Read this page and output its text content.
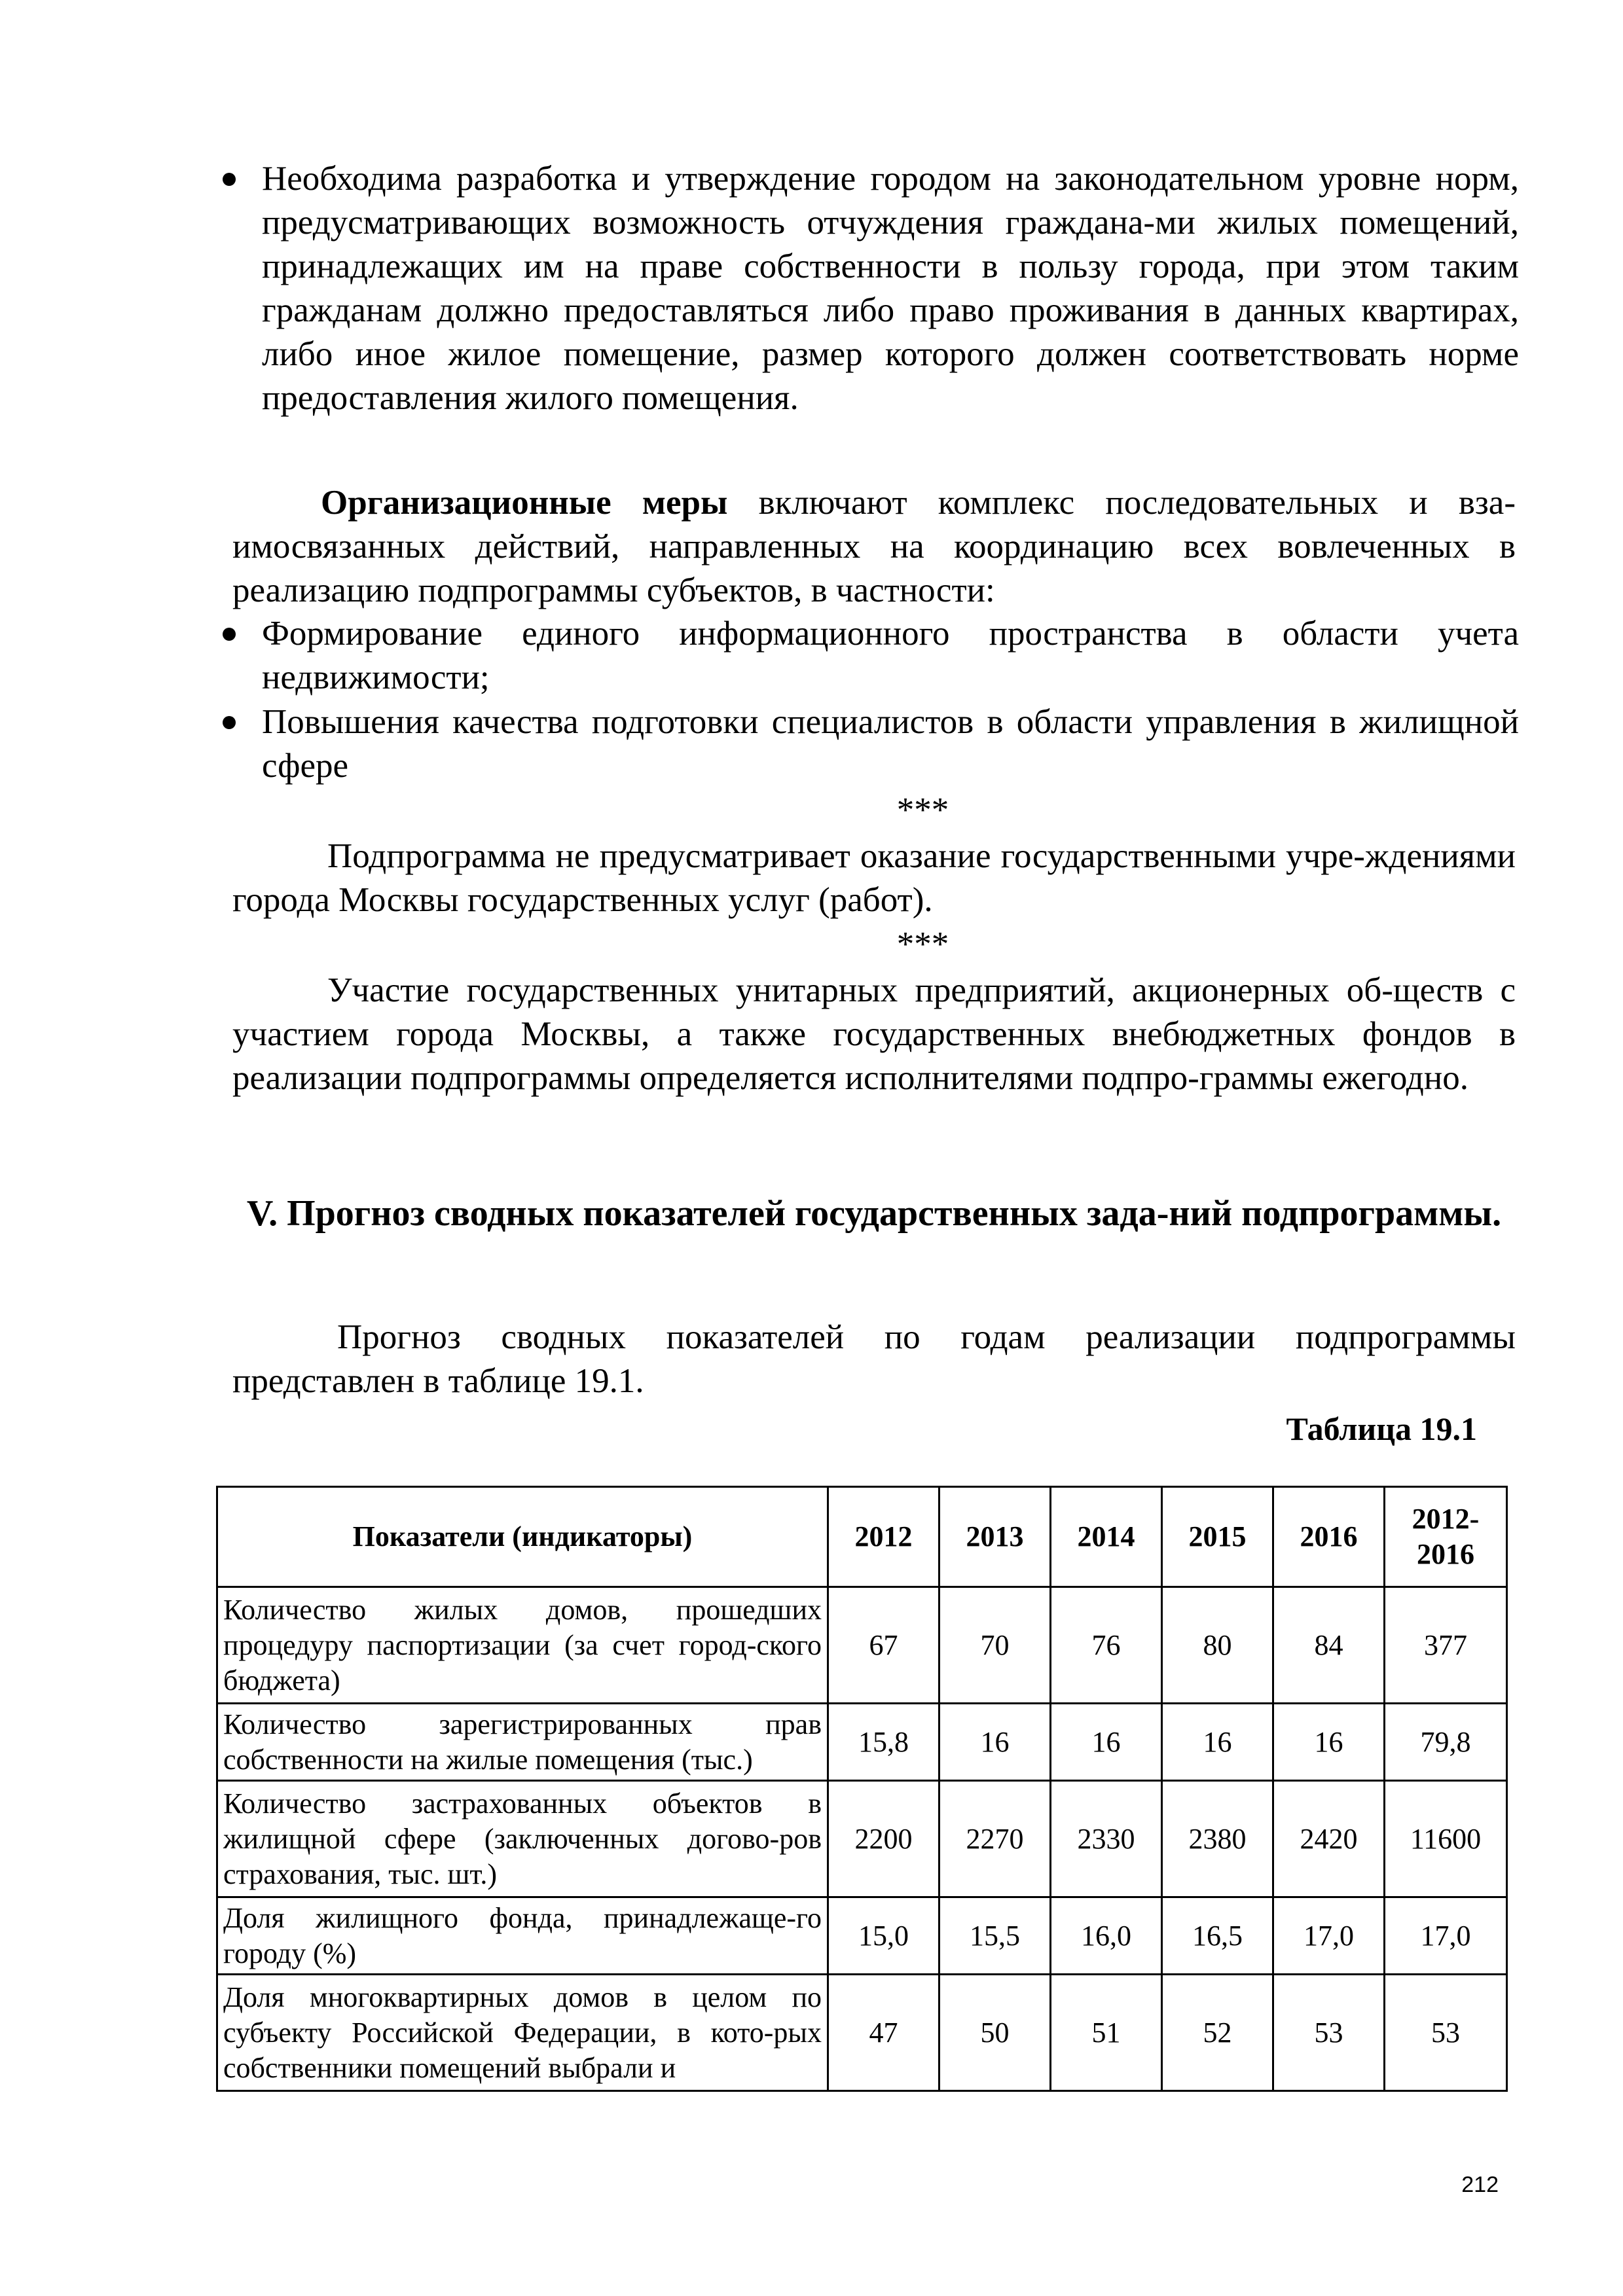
Необходима разработка и утверждение городом на законодательном уровне норм, предусматривающих возможность отчуждения граждана-ми жилых помещений, принадлежащих им на праве собственности в пользу города, при этом таким гражданам должно предоставляться либо право проживания в данных квартирах, либо иное жилое помещение, размер которого должен соответствовать норме предоставления жилого помещения.
Организационные меры включают комплекс последовательных и вза-имосвязанных действий, направленных на координацию всех вовлеченных в реализацию подпрограммы субъектов, в частности:
Формирование единого информационного пространства в области учета недвижимости;
Повышения качества подготовки специалистов в области управления в жилищной сфере
***
Подпрограмма не предусматривает оказание государственными учре-ждениями города Москвы государственных услуг (работ).
***
Участие государственных унитарных предприятий, акционерных об-ществ с участием города Москвы, а также государственных внебюджетных фондов в реализации подпрограммы определяется исполнителями подпро-граммы ежегодно.
V. Прогноз сводных показателей государственных зада-ний подпрограммы.
Прогноз сводных показателей по годам реализации подпрограммы представлен в таблице 19.1.
Таблица 19.1
Показатели (индикаторы)	2012	2013	2014	2015	2016	2012-2016
Количество жилых домов, прошедших процедуру паспортизации (за счет город-ского бюджета)	67	70	76	80	84	377
Количество зарегистрированных прав собственности на жилые помещения (тыс.)	15,8	16	16	16	16	79,8
Количество застрахованных объектов в жилищной сфере (заключенных догово-ров страхования, тыс. шт.)	2200	2270	2330	2380	2420	11600
Доля жилищного фонда, принадлежаще-го городу (%)	15,0	15,5	16,0	16,5	17,0	17,0
Доля многоквартирных домов в целом по субъекту Российской Федерации, в кото-рых собственники помещений выбрали и	47	50	51	52	53	53
212
